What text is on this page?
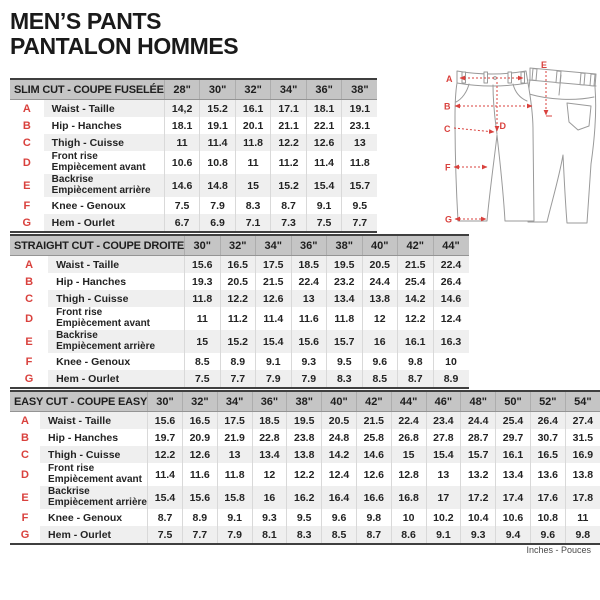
MEN’S PANTS
PANTALON HOMMES
A
B
C	D
E
F
G
SLIM CUT - COUPE FUSELÉE		28"	30"	32"	34"	36"	38"
A	Waist - Taille	14,2	15.2	16.1	17.1	18.1	19.1
B	Hip - Hanches	18.1	19.1	20.1	21.1	22.1	23.1
C	Thigh - Cuisse	11	11.4	11.8	12.2	12.6	13
D	Front rise
Empiècement avant	10.6	10.8	11	11.2	11.4	11.8
E	Backrise
Empiècement arrière	14.6	14.8	15	15.2	15.4	15.7
F	Knee - Genoux	7.5	7.9	8.3	8.7	9.1	9.5
G	Hem - Ourlet	6.7	6.9	7.1	7.3	7.5	7.7
STRAIGHT CUT - COUPE DROITE		30"	32"	34"	36"	38"	40"	42"	44"
A	Waist - Taille	15.6	16.5	17.5	18.5	19.5	20.5	21.5	22.4
B	Hip - Hanches	19.3	20.5	21.5	22.4	23.2	24.4	25.4	26.4
C	Thigh - Cuisse	11.8	12.2	12.6	13	13.4	13.8	14.2	14.6
D	Front rise
Empiècement avant	11	11.2	11.4	11.6	11.8	12	12.2	12.4
E	Backrise
Empiècement arrière	15	15.2	15.4	15.6	15.7	16	16.1	16.3
F	Knee - Genoux	8.5	8.9	9.1	9.3	9.5	9.6	9.8	10
G	Hem - Ourlet	7.5	7.7	7.9	7.9	8.3	8.5	8.7	8.9
EASY CUT - COUPE EASY		30"	32"	34"	36"	38"	40"	42"	44"	46"	48"	50"	52"	54"
A	Waist - Taille	15.6	16.5	17.5	18.5	19.5	20.5	21.5	22.4	23.4	24.4	25.4	26.4	27.4
B	Hip - Hanches	19.7	20.9	21.9	22.8	23.8	24.8	25.8	26.8	27.8	28.7	29.7	30.7	31.5
C	Thigh - Cuisse	12.2	12.6	13	13.4	13.8	14.2	14.6	15	15.4	15.7	16.1	16.5	16.9
D	Front rise
Empiècement avant	11.4	11.6	11.8	12	12.2	12.4	12.6	12.8	13	13.2	13.4	13.6	13.8
E	Backrise
Empiècement arrière	15.4	15.6	15.8	16	16.2	16.4	16.6	16.8	17	17.2	17.4	17.6	17.8
F	Knee - Genoux	8.7	8.9	9.1	9.3	9.5	9.6	9.8	10	10.2	10.4	10.6	10.8	11
G	Hem - Ourlet	7.5	7.7	7.9	8.1	8.3	8.5	8.7	8.6	9.1	9.3	9.4	9.6	9.8
Inches - Pouces
